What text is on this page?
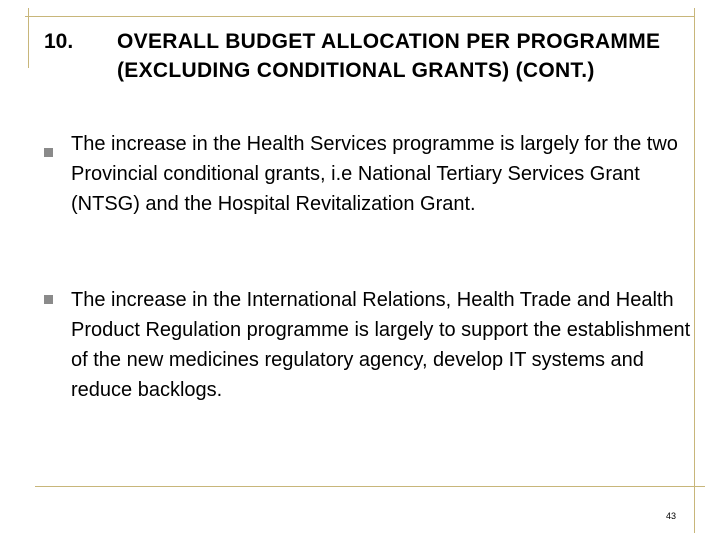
10. OVERALL BUDGET ALLOCATION PER PROGRAMME (EXCLUDING CONDITIONAL GRANTS) (CONT.)
The increase in the Health Services programme is largely for the two Provincial conditional grants, i.e National Tertiary Services Grant (NTSG) and the Hospital Revitalization Grant.
The increase in the International Relations, Health Trade and Health Product Regulation programme is largely to support the establishment of the new medicines regulatory agency, develop IT systems and reduce backlogs.
43
